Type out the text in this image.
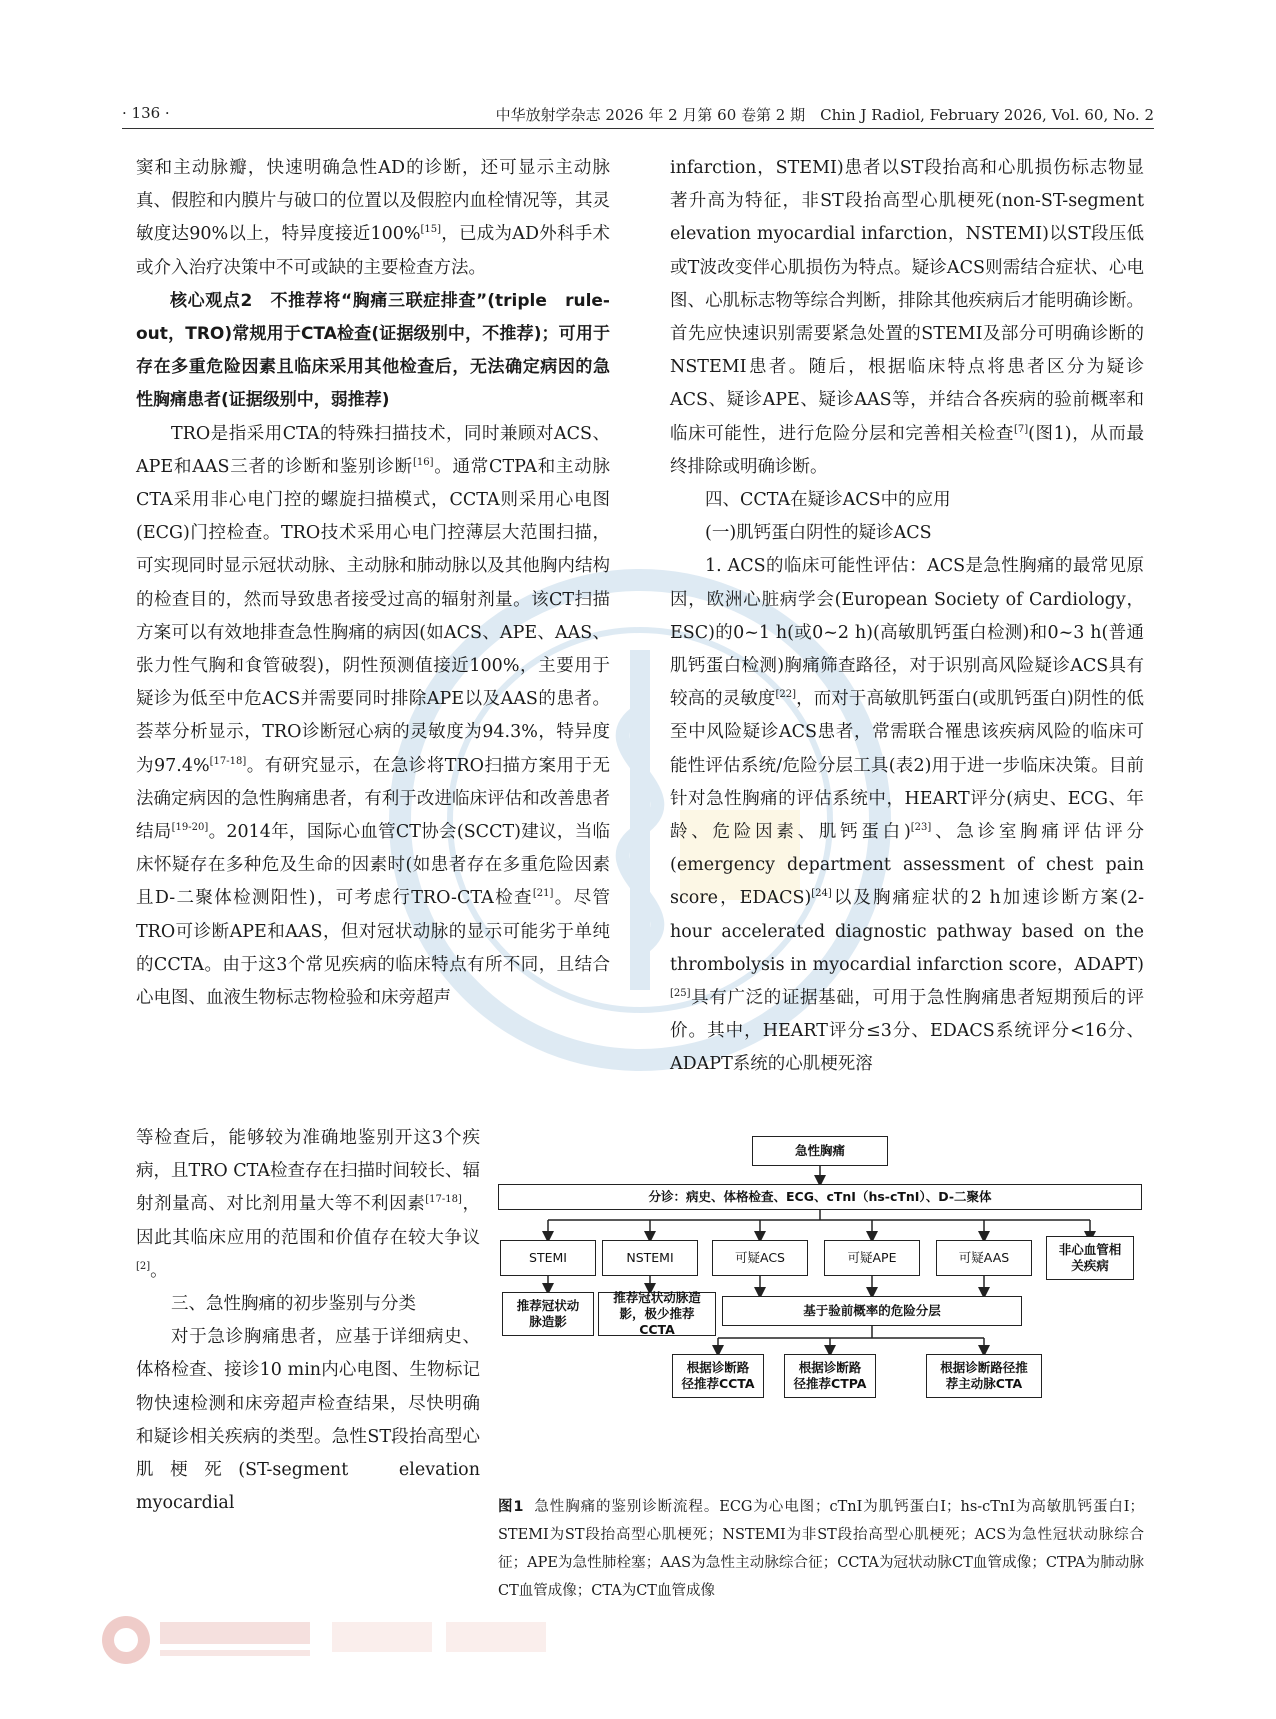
· 136 ·	中华放射学杂志 2026 年 2 月第 60 卷第 2 期　Chin J Radiol, February 2026, Vol. 60, No. 2

窦和主动脉瓣，快速明确急性AD的诊断，还可显示主动脉真、假腔和内膜片与破口的位置以及假腔内血栓情况等，其灵敏度达90%以上，特异度接近100%[15]，已成为AD外科手术或介入治疗决策中不可或缺的主要检查方法。

核心观点2　不推荐将“胸痛三联症排查”(triple　rule-out，TRO)常规用于CTA检查(证据级别中，不推荐)；可用于存在多重危险因素且临床采用其他检查后，无法确定病因的急性胸痛患者(证据级别中，弱推荐)

TRO是指采用CTA的特殊扫描技术，同时兼顾对ACS、APE和AAS三者的诊断和鉴别诊断[16]。通常CTPA和主动脉CTA采用非心电门控的螺旋扫描模式，CCTA则采用心电图(ECG)门控检查。TRO技术采用心电门控薄层大范围扫描，可实现同时显示冠状动脉、主动脉和肺动脉以及其他胸内结构的检查目的，然而导致患者接受过高的辐射剂量。该CT扫描方案可以有效地排查急性胸痛的病因(如ACS、APE、AAS、张力性气胸和食管破裂)，阴性预测值接近100%，主要用于疑诊为低至中危ACS并需要同时排除APE以及AAS的患者。荟萃分析显示，TRO诊断冠心病的灵敏度为94.3%，特异度为97.4%[17-18]。有研究显示，在急诊将TRO扫描方案用于无法确定病因的急性胸痛患者，有利于改进临床评估和改善患者结局[19-20]。2014年，国际心血管CT协会(SCCT)建议，当临床怀疑存在多种危及生命的因素时(如患者存在多重危险因素且D-二聚体检测阳性)，可考虑行TRO-CTA检查[21]。尽管TRO可诊断APE和AAS，但对冠状动脉的显示可能劣于单纯的CCTA。由于这3个常见疾病的临床特点有所不同，且结合心电图、血液生物标志物检验和床旁超声

等检查后，能够较为准确地鉴别开这3个疾病，且TRO CTA检查存在扫描时间较长、辐射剂量高、对比剂用量大等不利因素[17-18]，因此其临床应用的范围和价值存在较大争议[2]。

三、急性胸痛的初步鉴别与分类

对于急诊胸痛患者，应基于详细病史、体格检查、接诊10 min内心电图、生物标记物快速检测和床旁超声检查结果，尽快明确和疑诊相关疾病的类型。急性ST段抬高型心肌梗死(ST-segment　elevation　myocardial

infarction，STEMI)患者以ST段抬高和心肌损伤标志物显著升高为特征，非ST段抬高型心肌梗死(non-ST-segment elevation myocardial infarction，NSTEMI)以ST段压低或T波改变伴心肌损伤为特点。疑诊ACS则需结合症状、心电图、心肌标志物等综合判断，排除其他疾病后才能明确诊断。首先应快速识别需要紧急处置的STEMI及部分可明确诊断的NSTEMI患者。随后，根据临床特点将患者区分为疑诊ACS、疑诊APE、疑诊AAS等，并结合各疾病的验前概率和临床可能性，进行危险分层和完善相关检查[7](图1)，从而最终排除或明确诊断。

四、CCTA在疑诊ACS中的应用

(一)肌钙蛋白阴性的疑诊ACS

1. ACS的临床可能性评估：ACS是急性胸痛的最常见原因，欧洲心脏病学会(European Society of Cardiology，ESC)的0~1 h(或0~2 h)(高敏肌钙蛋白检测)和0~3 h(普通肌钙蛋白检测)胸痛筛查路径，对于识别高风险疑诊ACS具有较高的灵敏度[22]，而对于高敏肌钙蛋白(或肌钙蛋白)阴性的低至中风险疑诊ACS患者，常需联合罹患该疾病风险的临床可能性评估系统/危险分层工具(表2)用于进一步临床决策。目前针对急性胸痛的评估系统中，HEART评分(病史、ECG、年龄、危险因素、肌钙蛋白)[23]、急诊室胸痛评估评分(emergency department assessment of chest pain score，EDACS)[24]以及胸痛症状的2 h加速诊断方案(2-hour accelerated diagnostic pathway based on the thrombolysis in myocardial infarction score，ADAPT)[25]具有广泛的证据基础，可用于急性胸痛患者短期预后的评价。其中，HEART评分≤3分、EDACS系统评分<16分、ADAPT系统的心肌梗死溶

急性胸痛
分诊：病史、体格检查、ECG、cTnI（hs-cTnI）、D-二聚体
STEMI	NSTEMI	可疑ACS	可疑APE	可疑AAS
非心血管相关疾病
推荐冠状动脉造影
推荐冠状动脉造影，极少推荐CCTA
基于验前概率的危险分层
根据诊断路径推荐CCTA
根据诊断路径推荐CTPA
根据诊断路径推荐主动脉CTA
图1 急性胸痛的鉴别诊断流程。ECG为心电图；cTnI为肌钙蛋白I；hs-cTnI为高敏肌钙蛋白I；STEMI为ST段抬高型心肌梗死；NSTEMI为非ST段抬高型心肌梗死；ACS为急性冠状动脉综合征；APE为急性肺栓塞；AAS为急性主动脉综合征；CCTA为冠状动脉CT血管成像；CTPA为肺动脉CT血管成像；CTA为CT血管成像
